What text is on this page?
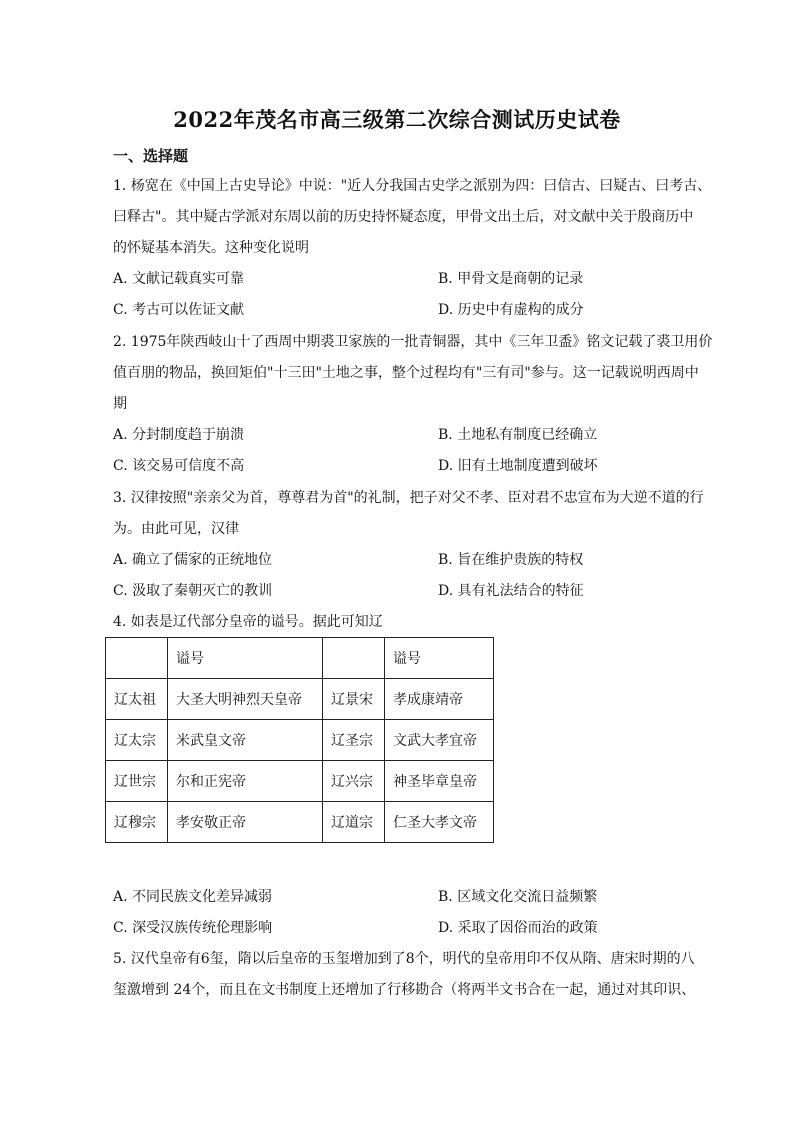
2022年茂名市高三级第二次综合测试历史试卷
一、选择题
1. 杨宽在《中国上古史导论》中说："近人分我国古史学之派别为四：曰信古、曰疑古、曰考古、
曰释古"。其中疑古学派对东周以前的历史持怀疑态度，甲骨文出土后，对文献中关于殷商历中
的怀疑基本消失。这种变化说明
A. 文献记载真实可靠	B. 甲骨文是商朝的记录
C. 考古可以佐证文献	D. 历史中有虚构的成分
2. 1975年陕西岐山十了西周中期裘卫家族的一批青铜器，其中《三年卫盉》铭文记载了裘卫用价
值百朋的物品，换回矩伯"十三田"土地之事，整个过程均有"三有司"参与。这一记载说明西周中
期
A. 分封制度趋于崩溃	B. 土地私有制度已经确立
C. 该交易可信度不高	D. 旧有土地制度遭到破坏
3. 汉律按照"亲亲父为首，尊尊君为首"的礼制，把子对父不孝、臣对君不忠宣布为大逆不道的行
为。由此可见，汉律
A. 确立了儒家的正统地位	B. 旨在维护贵族的特权
C. 汲取了秦朝灭亡的教训	D. 具有礼法结合的特征
4. 如表是辽代部分皇帝的谥号。据此可知辽
	谥号		谥号
辽太祖	大圣大明神烈天皇帝	辽景宋	孝成康靖帝
辽太宗	米武皇文帝	辽圣宗	文武大孝宜帝
辽世宗	尔和正宪帝	辽兴宗	神圣毕章皇帝
辽穆宗	孝安敬正帝	辽道宗	仁圣大孝文帝
A. 不同民族文化差异减弱	B. 区域文化交流日益频繁
C. 深受汉族传统伦理影响	D. 采取了因俗而治的政策
5. 汉代皇帝有6玺，隋以后皇帝的玉玺增加到了8个，明代的皇帝用印不仅从隋、唐宋时期的八
玺激增到 24个，而且在文书制度上还增加了行移勘合（将两半文书合在一起，通过对其印识、
